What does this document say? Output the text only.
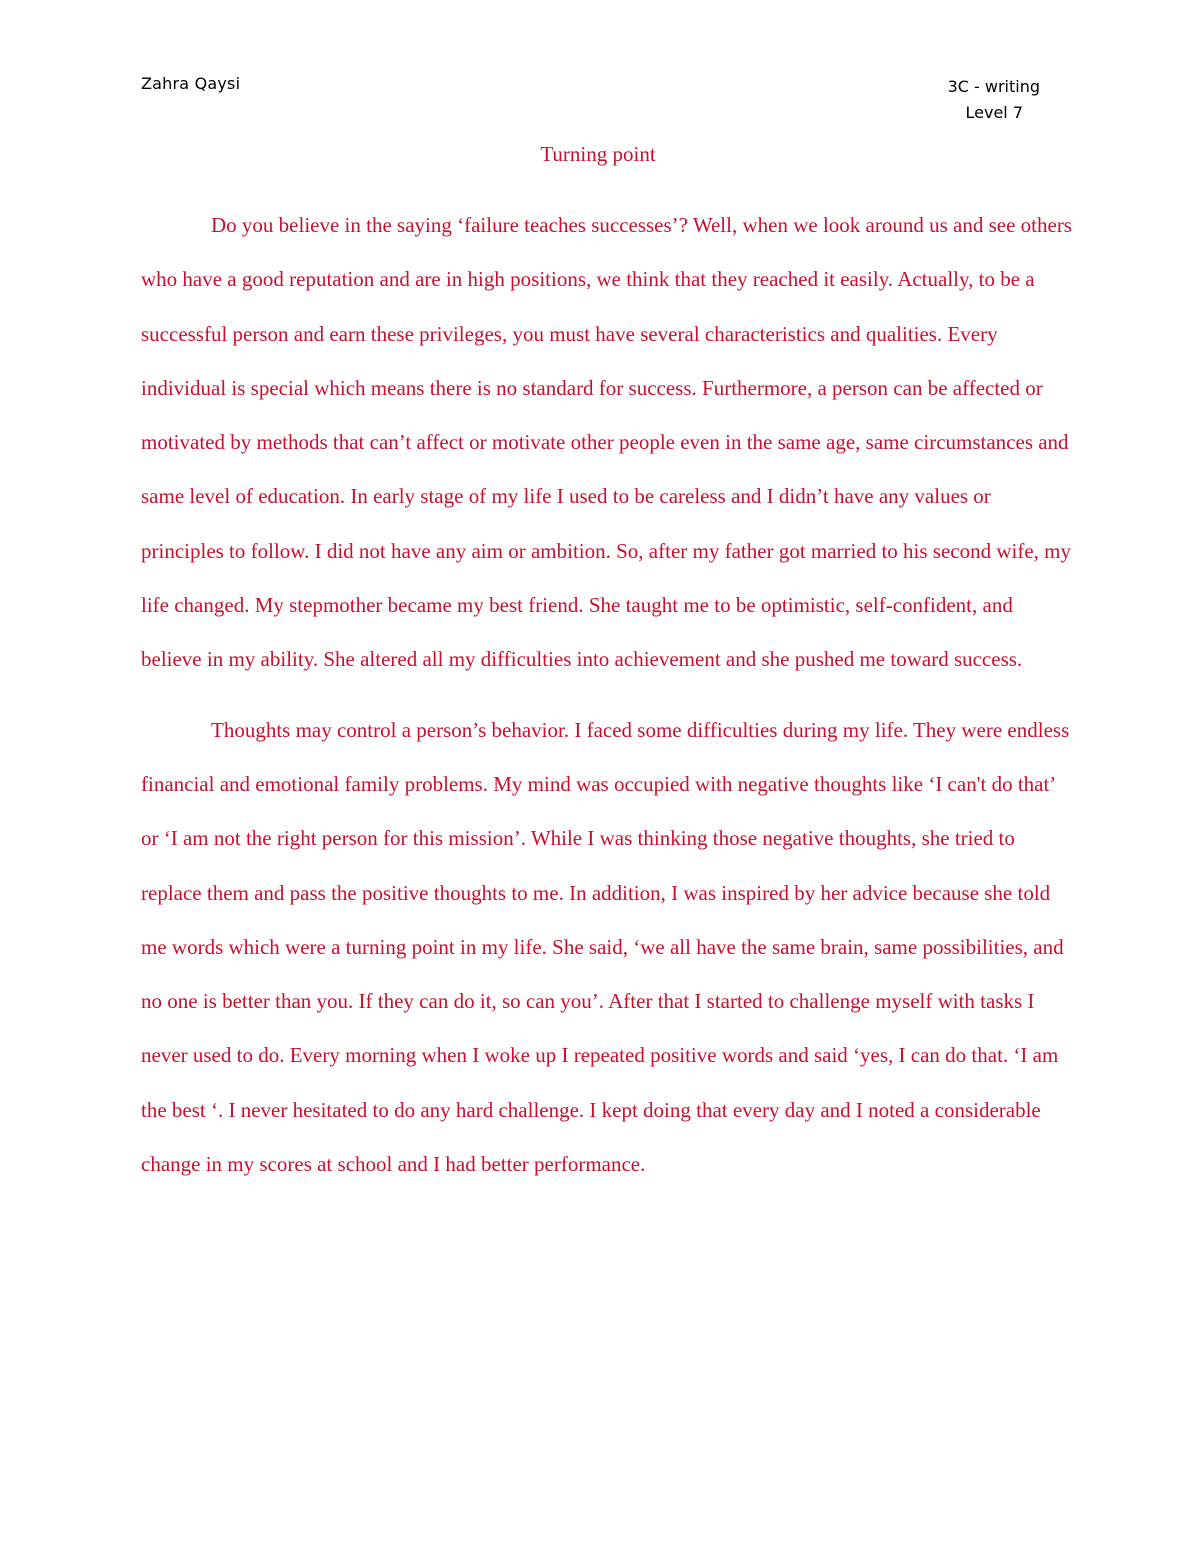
Zahra Qaysi	3C - writing
Level 7
Turning point

Do you believe in the saying ‘failure teaches successes’? Well, when we look around us and see others who have a good reputation and are in high positions, we think that they reached it easily. Actually, to be a successful person and earn these privileges, you must have several characteristics and qualities. Every individual is special which means there is no standard for success. Furthermore, a person can be affected or motivated by methods that can’t affect or motivate other people even in the same age, same circumstances and same level of education. In early stage of my life I used to be careless and I didn’t have any values or principles to follow. I did not have any aim or ambition. So, after my father got married to his second wife, my life changed. My stepmother became my best friend. She taught me to be optimistic, self-confident, and believe in my ability. She altered all my difficulties into achievement and she pushed me toward success.

Thoughts may control a person’s behavior. I faced some difficulties during my life. They were endless financial and emotional family problems. My mind was occupied with negative thoughts like ‘I can't do that’ or ‘I am not the right person for this mission’. While I was thinking those negative thoughts, she tried to replace them and pass the positive thoughts to me. In addition, I was inspired by her advice because she told me words which were a turning point in my life. She said, ‘we all have the same brain, same possibilities, and no one is better than you. If they can do it, so can you’. After that I started to challenge myself with tasks I never used to do. Every morning when I woke up I repeated positive words and said ‘yes, I can do that. ‘I am the best ‘. I never hesitated to do any hard challenge. I kept doing that every day and I noted a considerable change in my scores at school and I had better performance.
